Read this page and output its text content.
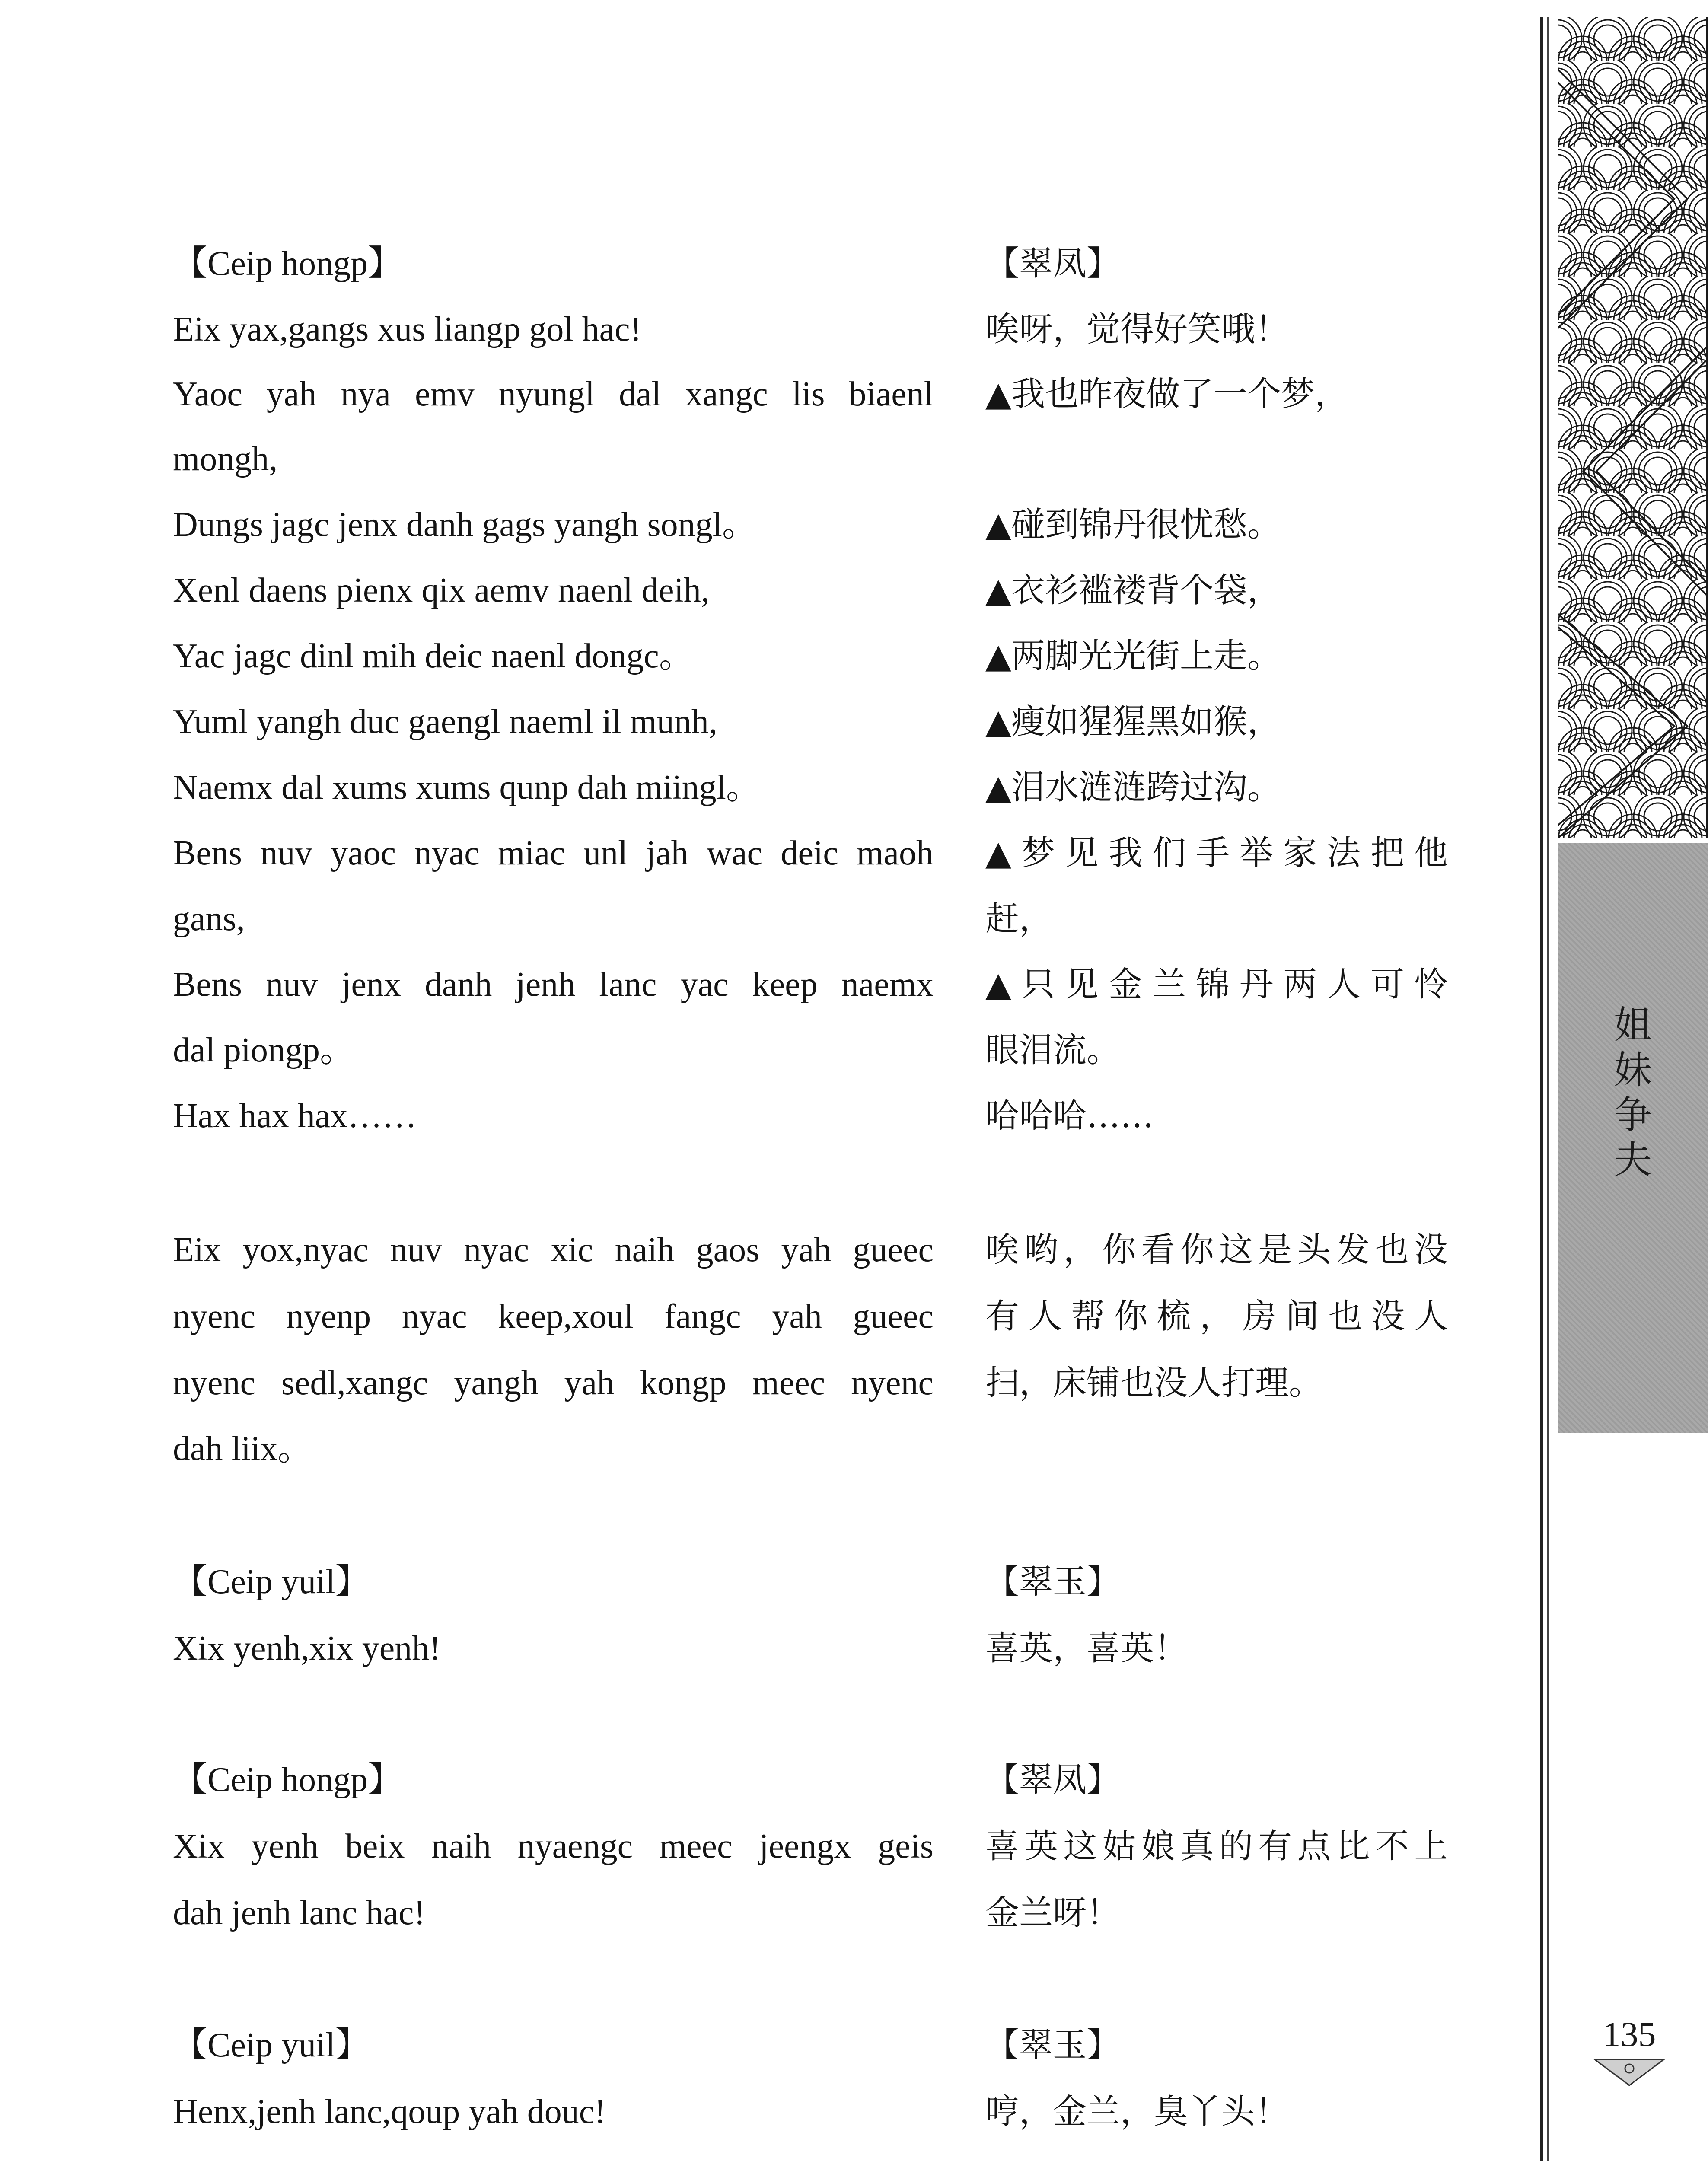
姐
妹
争
夫
135
【Ceip hongp】
Eix yax,gangs xus liangp gol hac!
Yaoc yah nya emv nyungl dal xangc lis biaenl
mongh,
Dungs jagc jenx danh gags yangh songl。
Xenl daens pienx qix aemv naenl deih,
Yac jagc dinl mih deic naenl dongc。
Yuml yangh duc gaengl naeml il munh,
Naemx dal xums xums qunp dah miingl。
Bens nuv yaoc nyac miac unl jah wac deic maoh
gans,
Bens nuv jenx danh jenh lanc yac keep naemx
dal piongp。
Hax hax hax……
Eix yox,nyac nuv nyac xic naih gaos yah gueec
nyenc nyenp nyac keep,xoul fangc yah gueec
nyenc sedl,xangc yangh yah kongp meec nyenc
dah liix。
【Ceip yuil】
Xix yenh,xix yenh!
【Ceip hongp】
Xix yenh beix naih nyaengc meec jeengx geis
dah jenh lanc hac!
【Ceip yuil】
Henx,jenh lanc,qoup yah douc!
【翠凤】
唉呀，觉得好笑哦！
▲我也昨夜做了一个梦，
▲碰到锦丹很忧愁。
▲衣衫褴褛背个袋，
▲两脚光光街上走。
▲瘦如猩猩黑如猴，
▲泪水涟涟跨过沟。
▲梦见我们手举家法把他
赶，
▲只见金兰锦丹两人可怜
眼泪流。
哈哈哈……
唉哟，你看你这是头发也没
有人帮你梳，房间也没人
扫，床铺也没人打理。
【翠玉】
喜英，喜英！
【翠凤】
喜英这姑娘真的有点比不上
金兰呀！
【翠玉】
哼，金兰，臭丫头！
